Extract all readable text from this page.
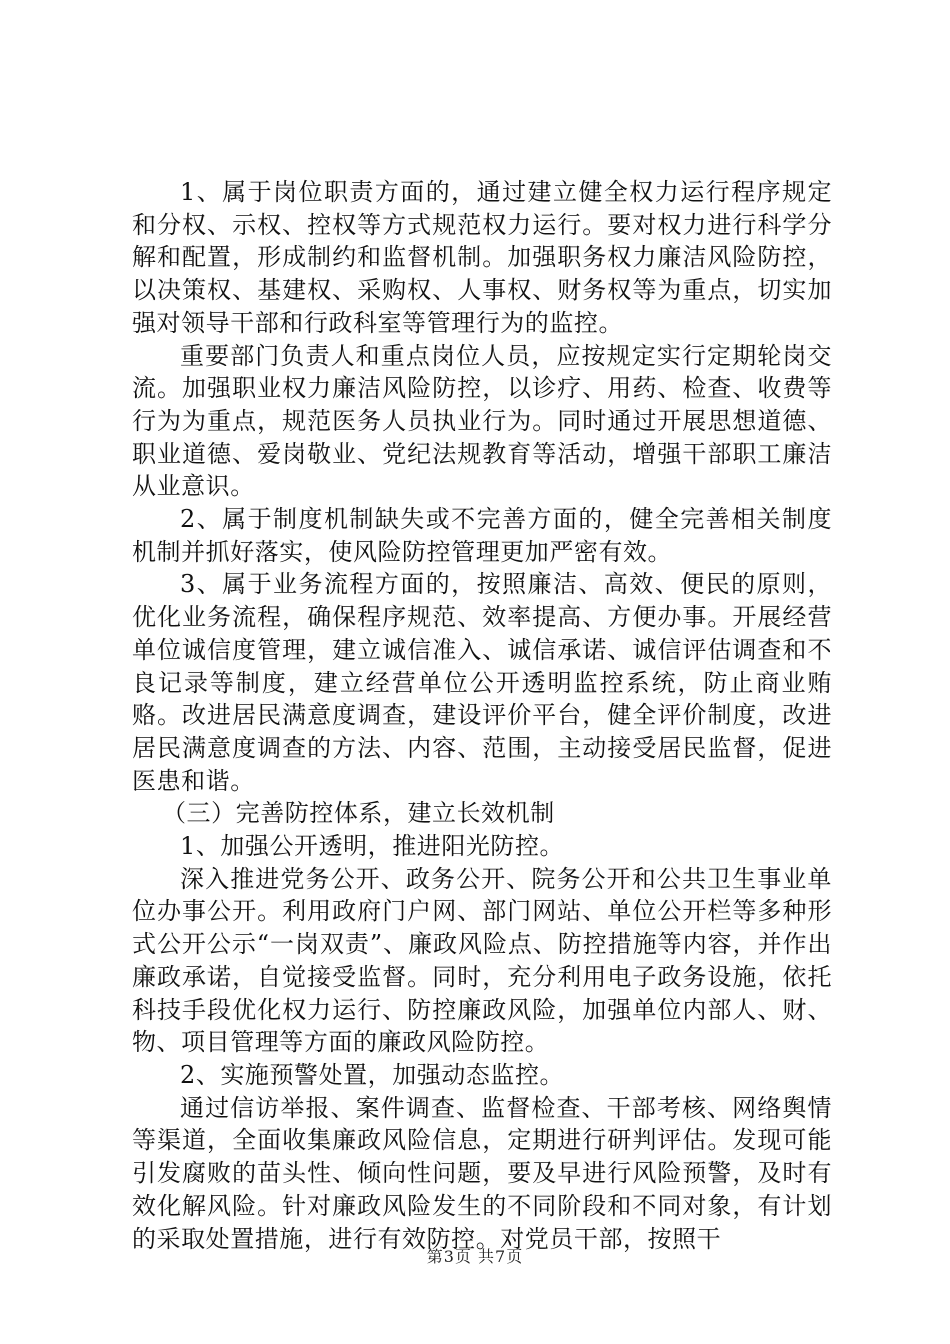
1、属于岗位职责方面的，通过建立健全权力运行程序规定和分权、示权、控权等方式规范权力运行。要对权力进行科学分解和配置，形成制约和监督机制。加强职务权力廉洁风险防控，以决策权、基建权、采购权、人事权、财务权等为重点，切实加强对领导干部和行政科室等管理行为的监控。

重要部门负责人和重点岗位人员，应按规定实行定期轮岗交流。加强职业权力廉洁风险防控，以诊疗、用药、检查、收费等行为为重点，规范医务人员执业行为。同时通过开展思想道德、职业道德、爱岗敬业、党纪法规教育等活动，增强干部职工廉洁从业意识。

2、属于制度机制缺失或不完善方面的，健全完善相关制度机制并抓好落实，使风险防控管理更加严密有效。

3、属于业务流程方面的，按照廉洁、高效、便民的原则，优化业务流程，确保程序规范、效率提高、方便办事。开展经营单位诚信度管理，建立诚信准入、诚信承诺、诚信评估调查和不良记录等制度，建立经营单位公开透明监控系统，防止商业贿赂。改进居民满意度调查，建设评价平台，健全评价制度，改进居民满意度调查的方法、内容、范围，主动接受居民监督，促进医患和谐。

（三）完善防控体系，建立长效机制

1、加强公开透明，推进阳光防控。

深入推进党务公开、政务公开、院务公开和公共卫生事业单位办事公开。利用政府门户网、部门网站、单位公开栏等多种形式公开公示“一岗双责”、廉政风险点、防控措施等内容，并作出廉政承诺，自觉接受监督。同时，充分利用电子政务设施，依托科技手段优化权力运行、防控廉政风险，加强单位内部人、财、物、项目管理等方面的廉政风险防控。

2、实施预警处置，加强动态监控。

通过信访举报、案件调查、监督检查、干部考核、网络舆情等渠道，全面收集廉政风险信息，定期进行研判评估。发现可能引发腐败的苗头性、倾向性问题，要及早进行风险预警，及时有效化解风险。针对廉政风险发生的不同阶段和不同对象，有计划的采取处置措施，进行有效防控。对党员干部，按照干

第3页 共7页
